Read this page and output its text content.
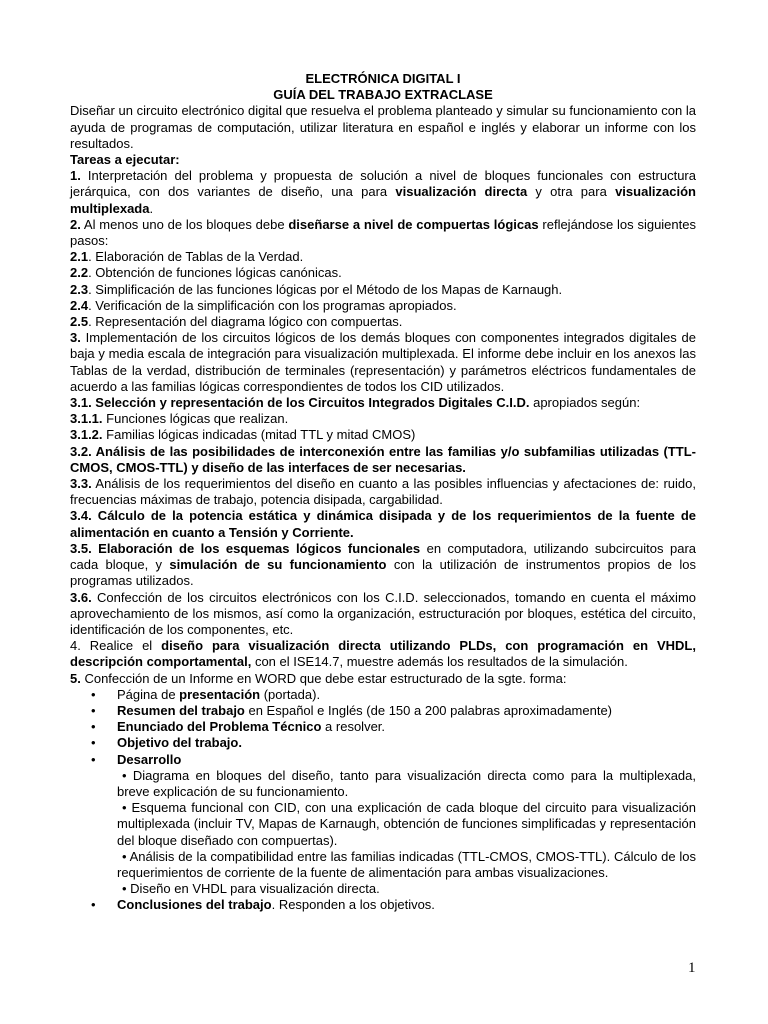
ELECTRÓNICA DIGITAL I

GUÍA DEL TRABAJO EXTRACLASE

Diseñar un circuito electrónico digital que resuelva el problema planteado y simular su funcionamiento con la ayuda de programas de computación, utilizar literatura en español e inglés y elaborar un informe con los resultados.

Tareas a ejecutar:

1. Interpretación del problema y propuesta de solución a nivel de bloques funcionales con estructura jerárquica, con dos variantes de diseño, una para visualización directa y otra para visualización multiplexada.

2. Al menos uno de los bloques debe diseñarse a nivel de compuertas lógicas reflejándose los siguientes pasos:

2.1. Elaboración de Tablas de la Verdad.

2.2. Obtención de funciones lógicas canónicas.

2.3. Simplificación de las funciones lógicas por el Método de los Mapas de Karnaugh.

2.4. Verificación de la simplificación con los programas apropiados.

2.5. Representación del diagrama lógico con compuertas.

3. Implementación de los circuitos lógicos de los demás bloques con componentes integrados digitales de baja y media escala de integración para visualización multiplexada. El informe debe incluir en los anexos las Tablas de la verdad, distribución de terminales (representación) y parámetros eléctricos fundamentales de acuerdo a las familias lógicas correspondientes de todos los CID utilizados.

3.1. Selección y representación de los Circuitos Integrados Digitales C.I.D. apropiados según:

3.1.1. Funciones lógicas que realizan.

3.1.2. Familias lógicas indicadas (mitad TTL y mitad CMOS)

3.2. Análisis de las posibilidades de interconexión entre las familias y/o subfamilias utilizadas (TTL-CMOS, CMOS-TTL) y diseño de las interfaces de ser necesarias.

3.3. Análisis de los requerimientos del diseño en cuanto a las posibles influencias y afectaciones de: ruido, frecuencias máximas de trabajo, potencia disipada, cargabilidad.

3.4. Cálculo de la potencia estática y dinámica disipada y de los requerimientos de la fuente de alimentación en cuanto a Tensión y Corriente.

3.5. Elaboración de los esquemas lógicos funcionales en computadora, utilizando subcircuitos para cada bloque, y simulación de su funcionamiento con la utilización de instrumentos propios de los programas utilizados.

3.6. Confección de los circuitos electrónicos con los C.I.D. seleccionados, tomando en cuenta el máximo aprovechamiento de los mismos, así como la organización, estructuración por bloques, estética del circuito, identificación de los componentes, etc.

4. Realice el diseño para visualización directa utilizando PLDs, con programación en VHDL, descripción comportamental, con el ISE14.7, muestre además los resultados de la simulación.

5. Confección de un Informe en WORD que debe estar estructurado de la sgte. forma:

• Página de presentación (portada).
• Resumen del trabajo en Español e Inglés (de 150 a 200 palabras aproximadamente)
• Enunciado del Problema Técnico a resolver.
• Objetivo del trabajo.
• Desarrollo
• Diagrama en bloques del diseño, tanto para visualización directa como para la multiplexada, breve explicación de su funcionamiento.
• Esquema funcional con CID, con una explicación de cada bloque del circuito para visualización multiplexada (incluir TV, Mapas de Karnaugh, obtención de funciones simplificadas y representación del bloque diseñado con compuertas).
• Análisis de la compatibilidad entre las familias indicadas (TTL-CMOS, CMOS-TTL). Cálculo de los requerimientos de corriente de la fuente de alimentación para ambas visualizaciones.
• Diseño en VHDL para visualización directa.
• Conclusiones del trabajo. Responden a los objetivos.
1
